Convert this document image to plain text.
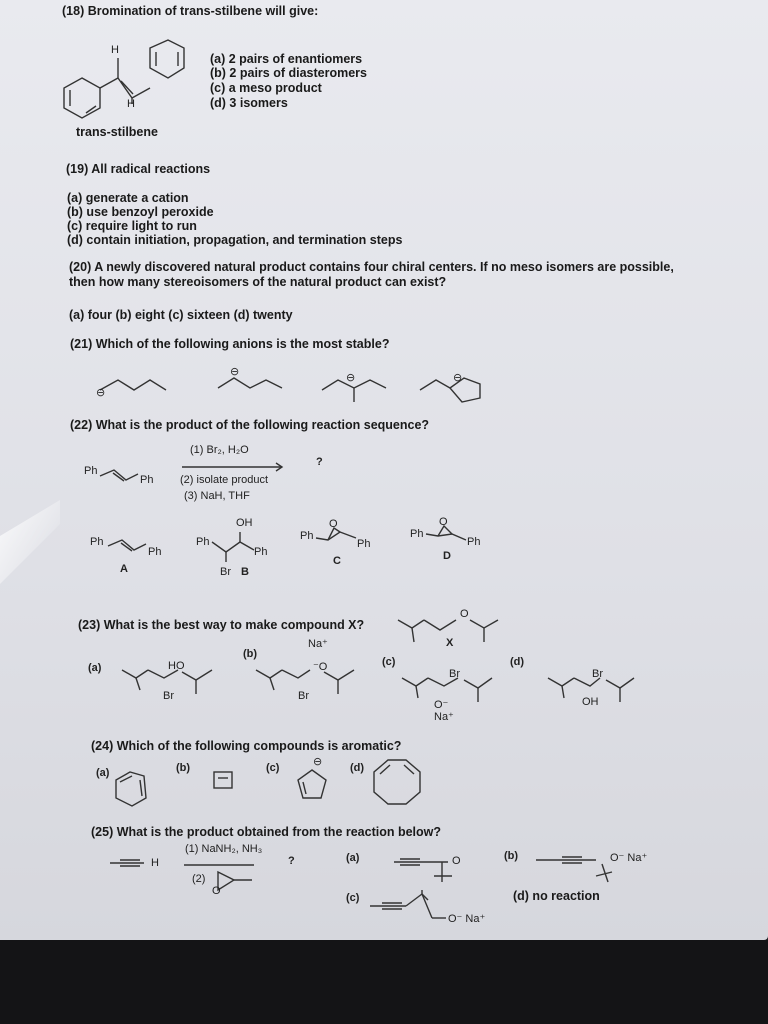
(18) Bromination of trans-stilbene will give:
H
H
trans-stilbene
(a) 2 pairs of enantiomers
(b) 2 pairs of diasteromers
(c) a meso product
(d) 3 isomers
(19) All radical reactions
(a) generate a cation
(b) use benzoyl peroxide
(c) require light to run
(d) contain initiation, propagation, and termination steps
(20) A newly discovered natural product contains four chiral centers. If no meso isomers are possible,
then how many stereoisomers of the natural product can exist?
(a) four (b) eight (c) sixteen (d) twenty
(21) Which of the following anions is the most stable?
⊖
⊖	⊖	⊖
(22) What is the product of the following reaction sequence?
Ph
Ph
(1) Br₂, H₂O
(2) isolate product
(3) NaH, THF
?
Ph
Ph
A
OH
Ph
Ph
Br B
Ph
O
Ph
C
Ph
O
Ph
D
(23) What is the best way to make compound X?
O
X
(a)	HO
Br
(b)
Na⁺
⁻O
Br
(c)
Br
O⁻
Na⁺
(d)
Br
OH
(24) Which of the following compounds is aromatic?
(a)	(b)	(c)	⊖	(d)
(25) What is the product obtained from the reaction below?
(1) NaNH₂, NH₃
H
(2)
O
?	(a)	O	(b)	O⁻ Na⁺
(c)
O⁻ Na⁺
(d) no reaction
